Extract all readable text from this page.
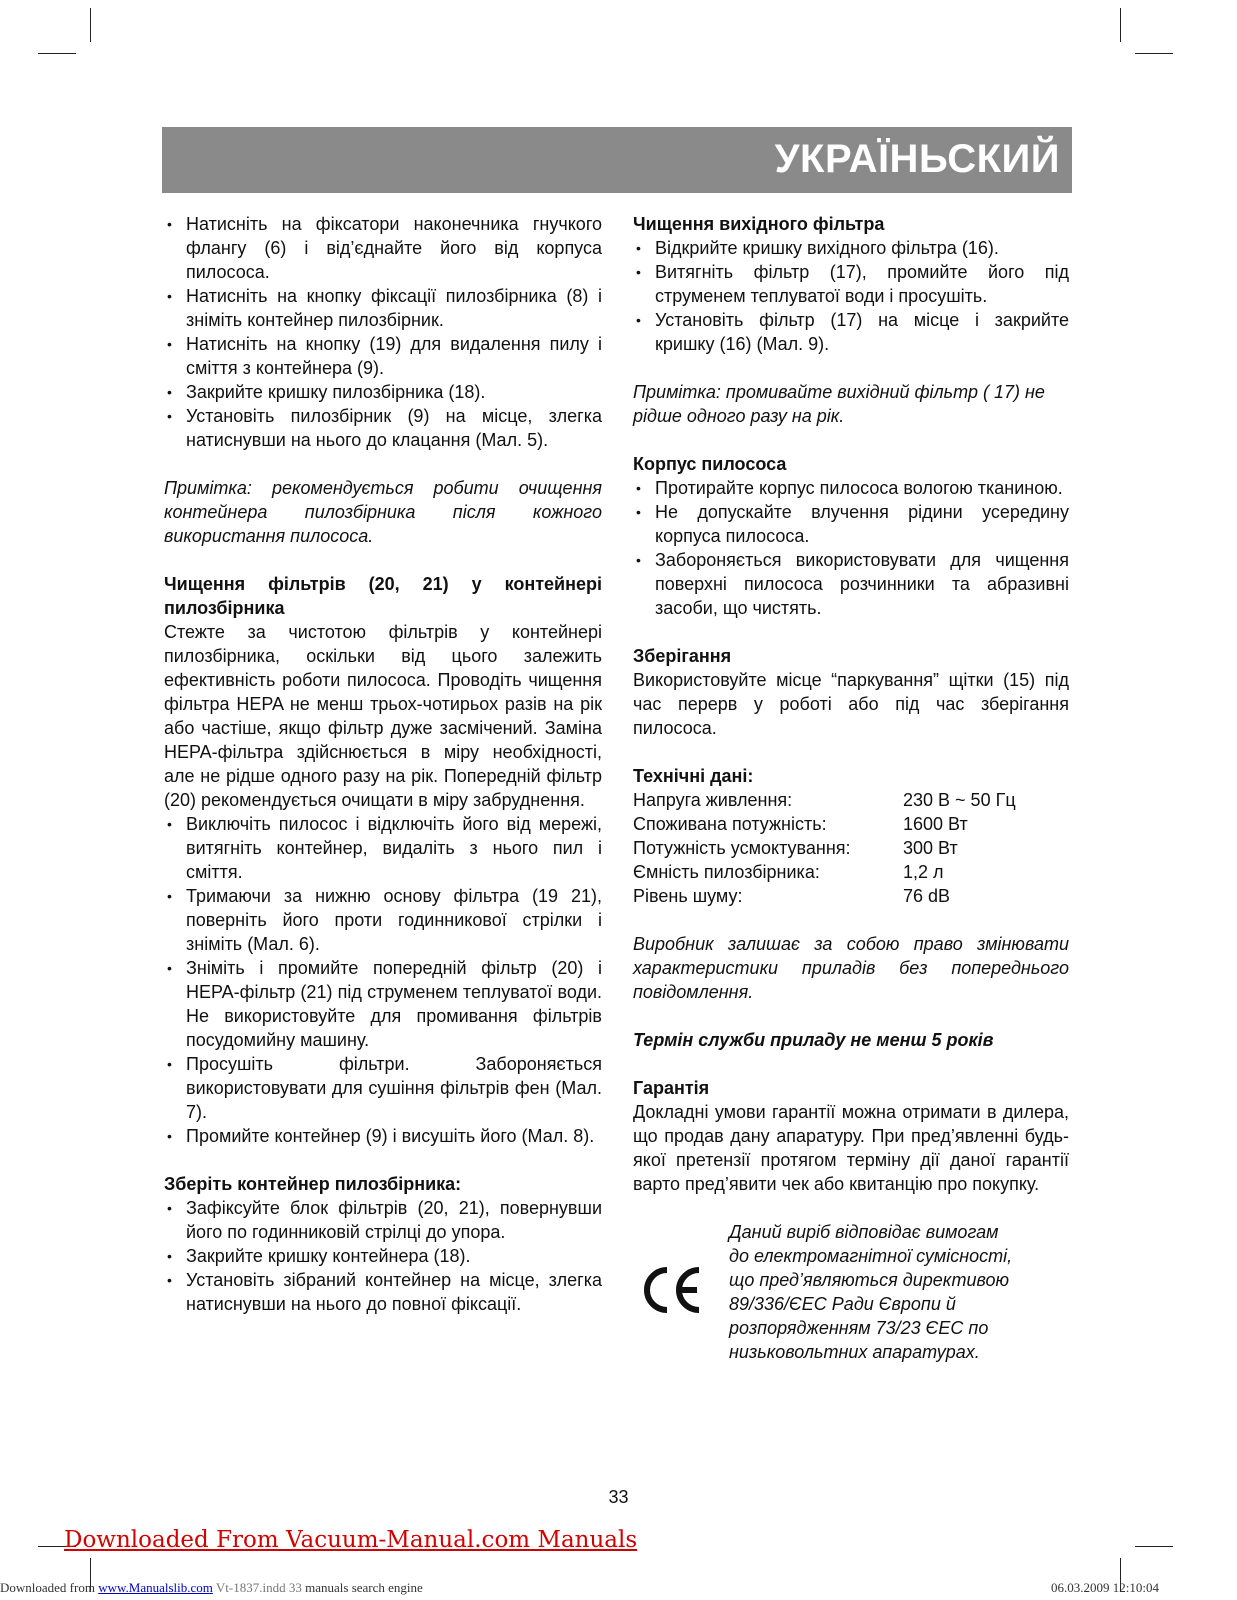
УКРАЇНЬСКИЙ
• Натисніть на фіксатори наконечника гнучкого флангу (6) і від’єднайте його від корпуса пилососа.
• Натисніть на кнопку фіксації пилозбірника (8) і зніміть контейнер пилозбірник.
• Натисніть на кнопку (19) для видалення пилу і сміття з контейнера (9).
• Закрийте кришку пилозбірника (18).
• Установіть пилозбірник (9) на місце, злегка натиснувши на нього до клацання (Мал. 5).

Примітка: рекомендується робити очищення контейнера пилозбірника після кожного використання пилососа.

Чищення фільтрів (20, 21) у контейнері пилозбірника

Стежте за чистотою фільтрів у контейнері пилозбірника, оскільки від цього залежить ефективність роботи пилососа. Проводіть чищення фільтра HEPA не менш трьох-чотирьох разів на рік або частіше, якщо фільтр дуже засмічений. Заміна HEPA-фільтра здійснюється в міру необхідності, але не рідше одного разу на рік. Попередній фільтр (20) рекомендується очищати в міру забруднення.

• Виключіть пилосос і відключіть його від мережі, витягніть контейнер, видаліть з нього пил і сміття.
• Тримаючи за нижню основу фільтра (19 21), поверніть його проти годинникової стрілки і зніміть (Мал. 6).
• Зніміть і промийте попередній фільтр (20) і HEPA-фільтр (21) під струменем теплуватої води. Не використовуйте для промивання фільтрів посудомийну машину.
• Просушіть фільтри. Забороняється використовувати для сушіння фільтрів фен (Мал. 7).
• Промийте контейнер (9) і висушіть його (Мал. 8).

Зберіть контейнер пилозбірника:

• Зафіксуйте блок фільтрів (20, 21), повернувши його по годинниковій стрілці до упора.
• Закрийте кришку контейнера (18).
• Установіть зібраний контейнер на місце, злегка натиснувши на нього до повної фіксації.

Чищення вихідного фільтра

• Відкрийте кришку вихідного фільтра (16).
• Витягніть фільтр (17), промийте його під струменем теплуватої води і просушіть.
• Установіть фільтр (17) на місце і закрийте кришку (16) (Мал. 9).

Примітка: промивайте вихідний фільтр ( 17) не рідше одного разу на рік.

Корпус пилососа

• Протирайте корпус пилососа вологою тканиною.
• Не допускайте влучення рідини усередину корпуса пилососа.
• Забороняється використовувати для чищення поверхні пилососа розчинники та абразивні засоби, що чистять.

Зберігання

Використовуйте місце “паркування” щітки (15) під час перерв у роботі або під час зберігання пилососа.

Технічні дані:

Напруга живлення:	230 В ~ 50 Гц
Споживана потужність:	1600 Вт
Потужність усмоктування:	300 Вт
Ємність пилозбірника:	1,2 л
Рівень шуму:	76 dB

Виробник залишає за собою право змінювати характеристики приладів без попереднього повідомлення.

Термін служби приладу не менш 5 років

Гарантія

Докладні умови гарантії можна отримати в дилера, що продав дану апаратуру. При пред’явленні будь-якої претензії протягом терміну дії даної гарантії варто пред’явити чек або квитанцію про покупку.

Даний виріб відповідає вимогам
до електромагнітної сумісності,
що пред’являються директивою
89/336/ЄЕС Ради Європи й
розпорядженням 73/23 ЄЕС по
низьковольтних апаратурах.
33
Downloaded From Vacuum-Manual.com Manuals
Downloaded from www.Manualslib.com Vt-1837.indd 33 manuals search engine	06.03.2009 12:10:04
